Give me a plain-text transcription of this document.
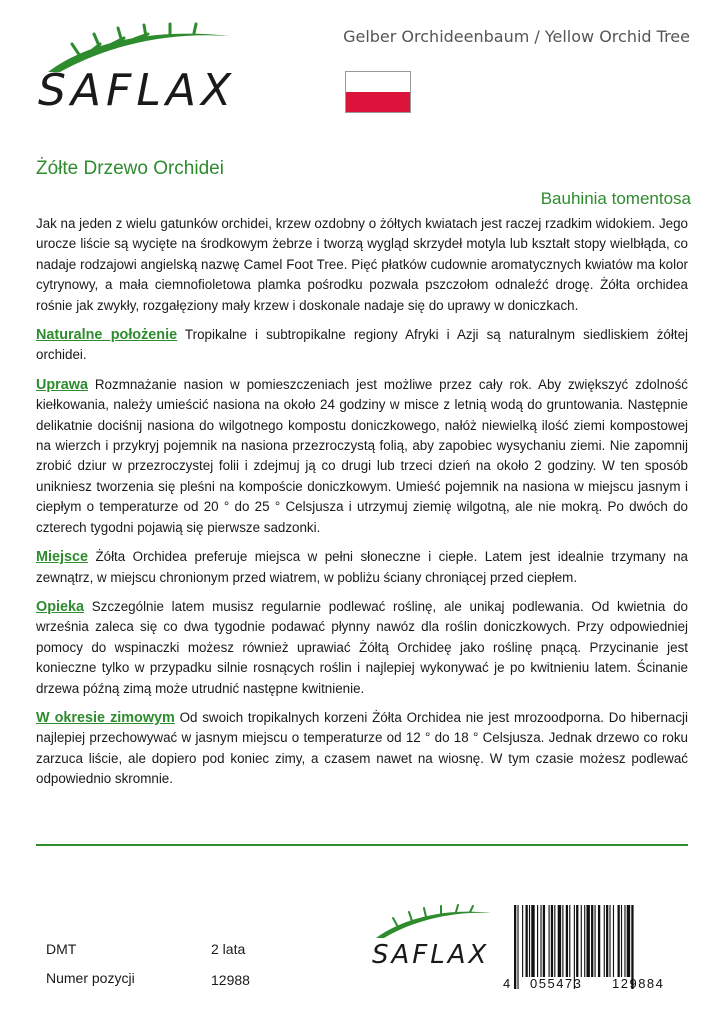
SAFLAX
Gelber Orchideenbaum / Yellow Orchid Tree
Żółte Drzewo Orchidei
Bauhinia tomentosa

Jak na jeden z wielu gatunków orchidei, krzew ozdobny o żółtych kwiatach jest raczej rzadkim widokiem. Jego urocze liście są wycięte na środkowym żebrze i tworzą wygląd skrzydeł motyla lub kształt stopy wielbłąda, co nadaje rodzajowi angielską nazwę Camel Foot Tree. Pięć płatków cudownie aromatycznych kwiatów ma kolor cytrynowy, a mała ciemnofioletowa plamka pośrodku pozwala pszczołom odnaleźć drogę. Żółta orchidea rośnie jak zwykły, rozgałęziony mały krzew i doskonale nadaje się do uprawy w doniczkach.

Naturalne położenie Tropikalne i subtropikalne regiony Afryki i Azji są naturalnym siedliskiem żółtej orchidei.

Uprawa Rozmnażanie nasion w pomieszczeniach jest możliwe przez cały rok. Aby zwiększyć zdolność kiełkowania, należy umieścić nasiona na około 24 godziny w misce z letnią wodą do gruntowania. Następnie delikatnie dociśnij nasiona do wilgotnego kompostu doniczkowego, nałóż niewielką ilość ziemi kompostowej na wierzch i przykryj pojemnik na nasiona przezroczystą folią, aby zapobiec wysychaniu ziemi. Nie zapomnij zrobić dziur w przezroczystej folii i zdejmuj ją co drugi lub trzeci dzień na około 2 godziny. W ten sposób unikniesz tworzenia się pleśni na kompoście doniczkowym. Umieść pojemnik na nasiona w miejscu jasnym i ciepłym o temperaturze od 20 ° do 25 ° Celsjusza i utrzymuj ziemię wilgotną, ale nie mokrą. Po dwóch do czterech tygodni pojawią się pierwsze sadzonki.

Miejsce Żółta Orchidea preferuje miejsca w pełni słoneczne i ciepłe. Latem jest idealnie trzymany na zewnątrz, w miejscu chronionym przed wiatrem, w pobliżu ściany chroniącej przed ciepłem.

Opieka Szczególnie latem musisz regularnie podlewać roślinę, ale unikaj podlewania. Od kwietnia do września zaleca się co dwa tygodnie podawać płynny nawóz dla roślin doniczkowych. Przy odpowiedniej pomocy do wspinaczki możesz również uprawiać Żółtą Orchideę jako roślinę pnącą. Przycinanie jest konieczne tylko w przypadku silnie rosnących roślin i najlepiej wykonywać je po kwitnieniu latem. Ścinanie drzewa późną zimą może utrudnić następne kwitnienie.

W okresie zimowym Od swoich tropikalnych korzeni Żółta Orchidea nie jest mrozoodporna. Do hibernacji najlepiej przechowywać w jasnym miejscu o temperaturze od 12 ° do 18 ° Celsjusza. Jednak drzewo co roku zarzuca liście, ale dopiero pod koniec zimy, a czasem nawet na wiosnę. W tym czasie możesz podlewać odpowiednio skromnie.

DMT	2 lata
Numer pozycji	12988
SAFLAX
4 055473 129884
